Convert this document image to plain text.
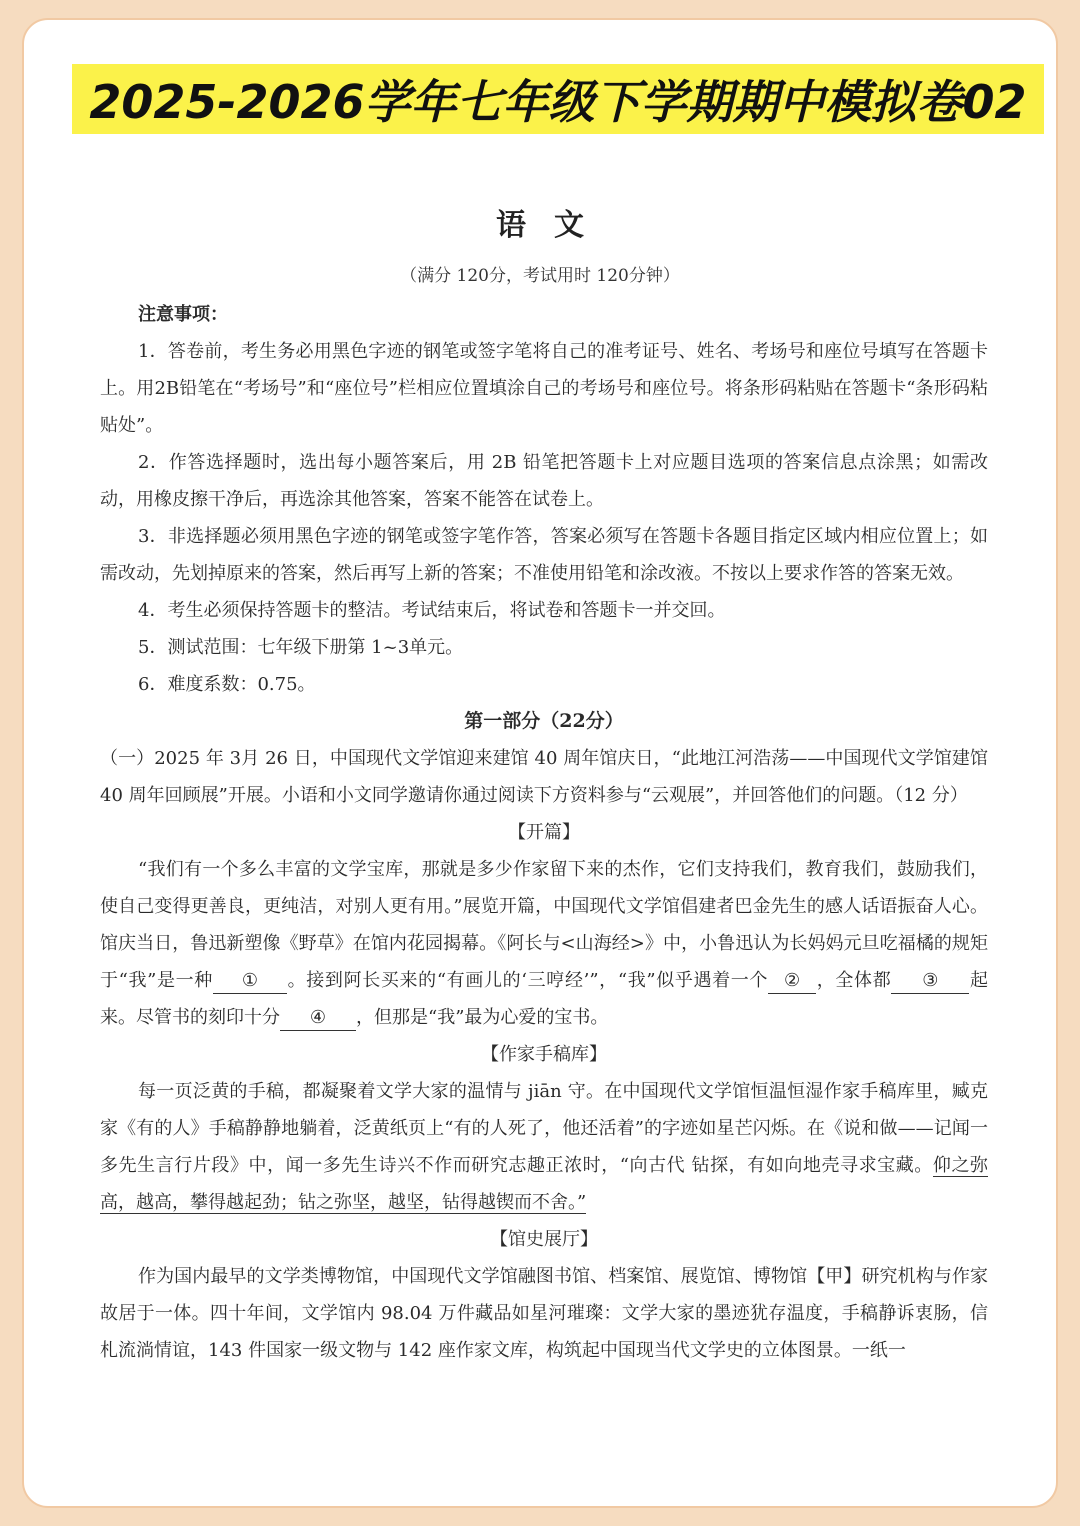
2025-2026学年七年级下学期期中模拟卷02
语文
（满分 120分，考试用时 120分钟）
注意事项：
1．答卷前，考生务必用黑色字迹的钢笔或签字笔将自己的准考证号、姓名、考场号和座位号填写在答题卡上。用2B铅笔在“考场号”和“座位号”栏相应位置填涂自己的考场号和座位号。将条形码粘贴在答题卡“条形码粘贴处”。
2．作答选择题时，选出每小题答案后，用 2B 铅笔把答题卡上对应题目选项的答案信息点涂黑；如需改动，用橡皮擦干净后，再选涂其他答案，答案不能答在试卷上。
3．非选择题必须用黑色字迹的钢笔或签字笔作答，答案必须写在答题卡各题目指定区域内相应位置上；如需改动，先划掉原来的答案，然后再写上新的答案；不准使用铅笔和涂改液。不按以上要求作答的答案无效。
4．考生必须保持答题卡的整洁。考试结束后，将试卷和答题卡一并交回。
5．测试范围：七年级下册第 1~3单元。
6．难度系数：0.75。
第一部分（22分）
（一）2025 年 3月 26 日，中国现代文学馆迎来建馆 40 周年馆庆日，“此地江河浩荡——中国现代文学馆建馆 40 周年回顾展”开展。小语和小文同学邀请你通过阅读下方资料参与“云观展”，并回答他们的问题。（12 分）
【开篇】
“我们有一个多么丰富的文学宝库，那就是多少作家留下来的杰作，它们支持我们，教育我们，鼓励我们，使自己变得更善良，更纯洁，对别人更有用。”展览开篇，中国现代文学馆倡建者巴金先生的感人话语振奋人心。馆庆当日，鲁迅新塑像《野草》在馆内花园揭幕。《阿长与<山海经>》中，小鲁迅认为长妈妈元旦吃福橘的规矩于“我”是一种 ① 。接到阿长买来的“有画儿的‘三哼经’”，“我”似乎遇着一个 ② ，全体都 ③ 起来。尽管书的刻印十分 ④ ，但那是“我”最为心爱的宝书。
【作家手稿库】
每一页泛黄的手稿，都凝聚着文学大家的温情与 jiān 守。在中国现代文学馆恒温恒湿作家手稿库里，臧克家《有的人》手稿静静地躺着，泛黄纸页上“有的人死了，他还活着”的字迹如星芒闪烁。在《说和做——记闻一多先生言行片段》中，闻一多先生诗兴不作而研究志趣正浓时，“向古代 钻探，有如向地壳寻求宝藏。仰之弥高，越高，攀得越起劲；钻之弥坚，越坚，钻得越锲而不舍。”
【馆史展厅】
作为国内最早的文学类博物馆，中国现代文学馆融图书馆、档案馆、展览馆、博物馆【甲】研究机构与作家故居于一体。四十年间，文学馆内 98.04 万件藏品如星河璀璨：文学大家的墨迹犹存温度，手稿静诉衷肠，信札流淌情谊，143 件国家一级文物与 142 座作家文库，构筑起中国现当代文学史的立体图景。一纸一
